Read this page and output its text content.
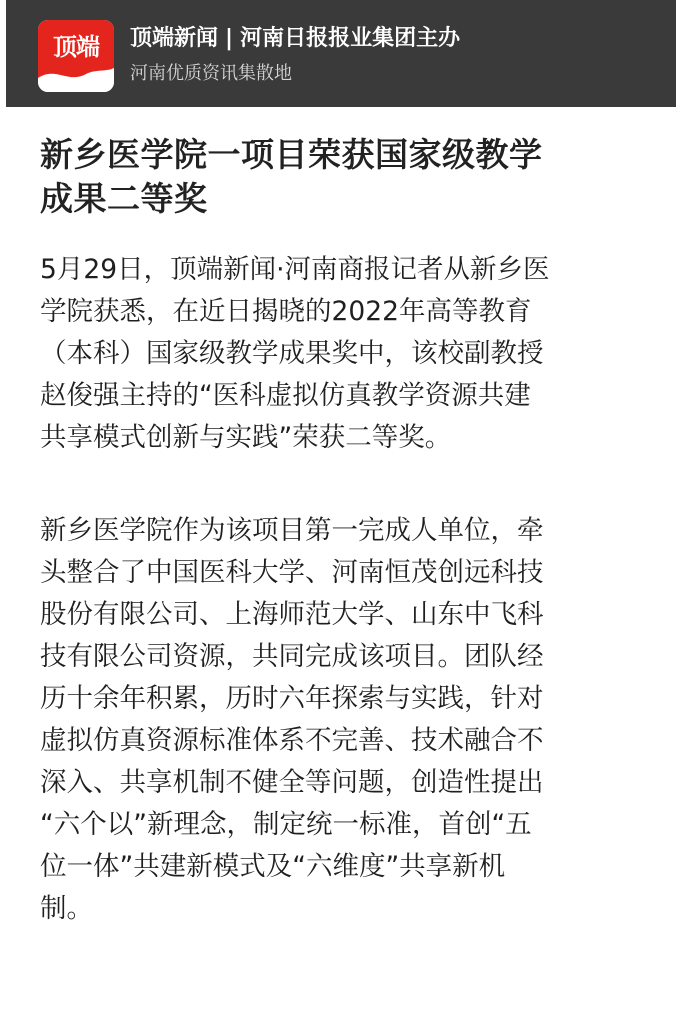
顶端	顶端新闻 | 河南日报报业集团主办
河南优质资讯集散地
新乡医学院一项目荣获国家级教学
成果二等奖
5月29日，顶端新闻·河南商报记者从新乡医
学院获悉，在近日揭晓的2022年高等教育
（本科）国家级教学成果奖中，该校副教授
赵俊强主持的“医科虚拟仿真教学资源共建
共享模式创新与实践”荣获二等奖。
新乡医学院作为该项目第一完成人单位，牵
头整合了中国医科大学、河南恒茂创远科技
股份有限公司、上海师范大学、山东中飞科
技有限公司资源，共同完成该项目。团队经
历十余年积累，历时六年探索与实践，针对
虚拟仿真资源标准体系不完善、技术融合不
深入、共享机制不健全等问题，创造性提出
“六个以”新理念，制定统一标准，首创“五
位一体”共建新模式及“六维度”共享新机
制。
